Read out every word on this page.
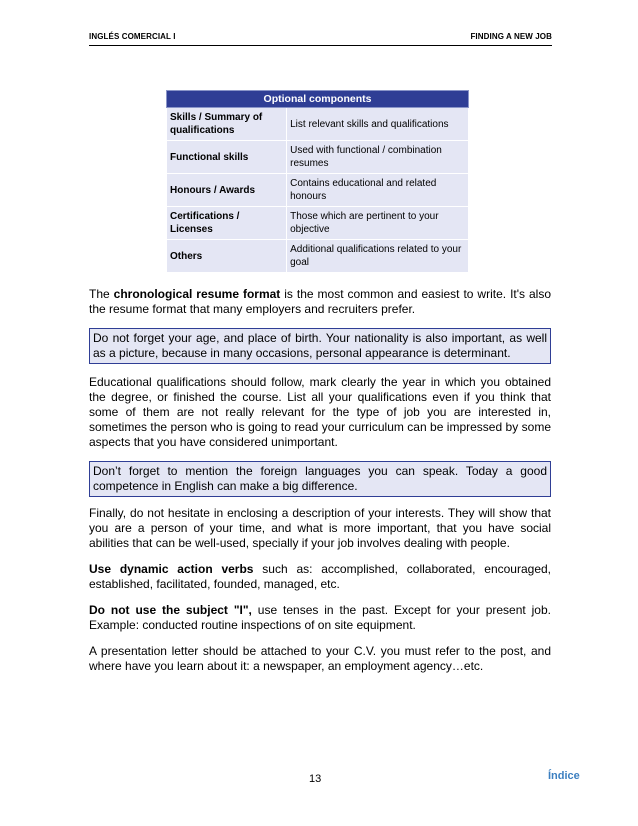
INGLÉS COMERCIAL I	FINDING A NEW JOB
Optional components	
Skills / Summary of qualifications	List relevant skills and qualifications
Functional skills	Used with functional / combination resumes
Honours / Awards	Contains educational and related honours
Certifications / Licenses	Those which are pertinent to your objective
Others	Additional qualifications related to your goal

The chronological resume format is the most common and easiest to write. It's also the resume format that many employers and recruiters prefer.

Do not forget your age, and place of birth. Your nationality is also important, as well as a picture, because in many occasions, personal appearance is determinant.

Educational qualifications should follow, mark clearly the year in which you obtained the degree, or finished the course. List all your qualifications even if you think that some of them are not really relevant for the type of job you are interested in, sometimes the person who is going to read your curriculum can be impressed by some aspects that you have considered unimportant.

Don’t forget to mention the foreign languages you can speak. Today a good competence in English can make a big difference.

Finally, do not hesitate in enclosing a description of your interests. They will show that you are a person of your time, and what is more important, that you have social abilities that can be well-used, specially if your job involves dealing with people.

Use dynamic action verbs such as: accomplished, collaborated, encouraged, established, facilitated, founded, managed, etc.

Do not use the subject "I", use tenses in the past. Except for your present job. Example: conducted routine inspections of on site equipment.

A presentation letter should be attached to your C.V. you must refer to the post, and where have you learn about it: a newspaper, an employment agency…etc.

13	Índice
